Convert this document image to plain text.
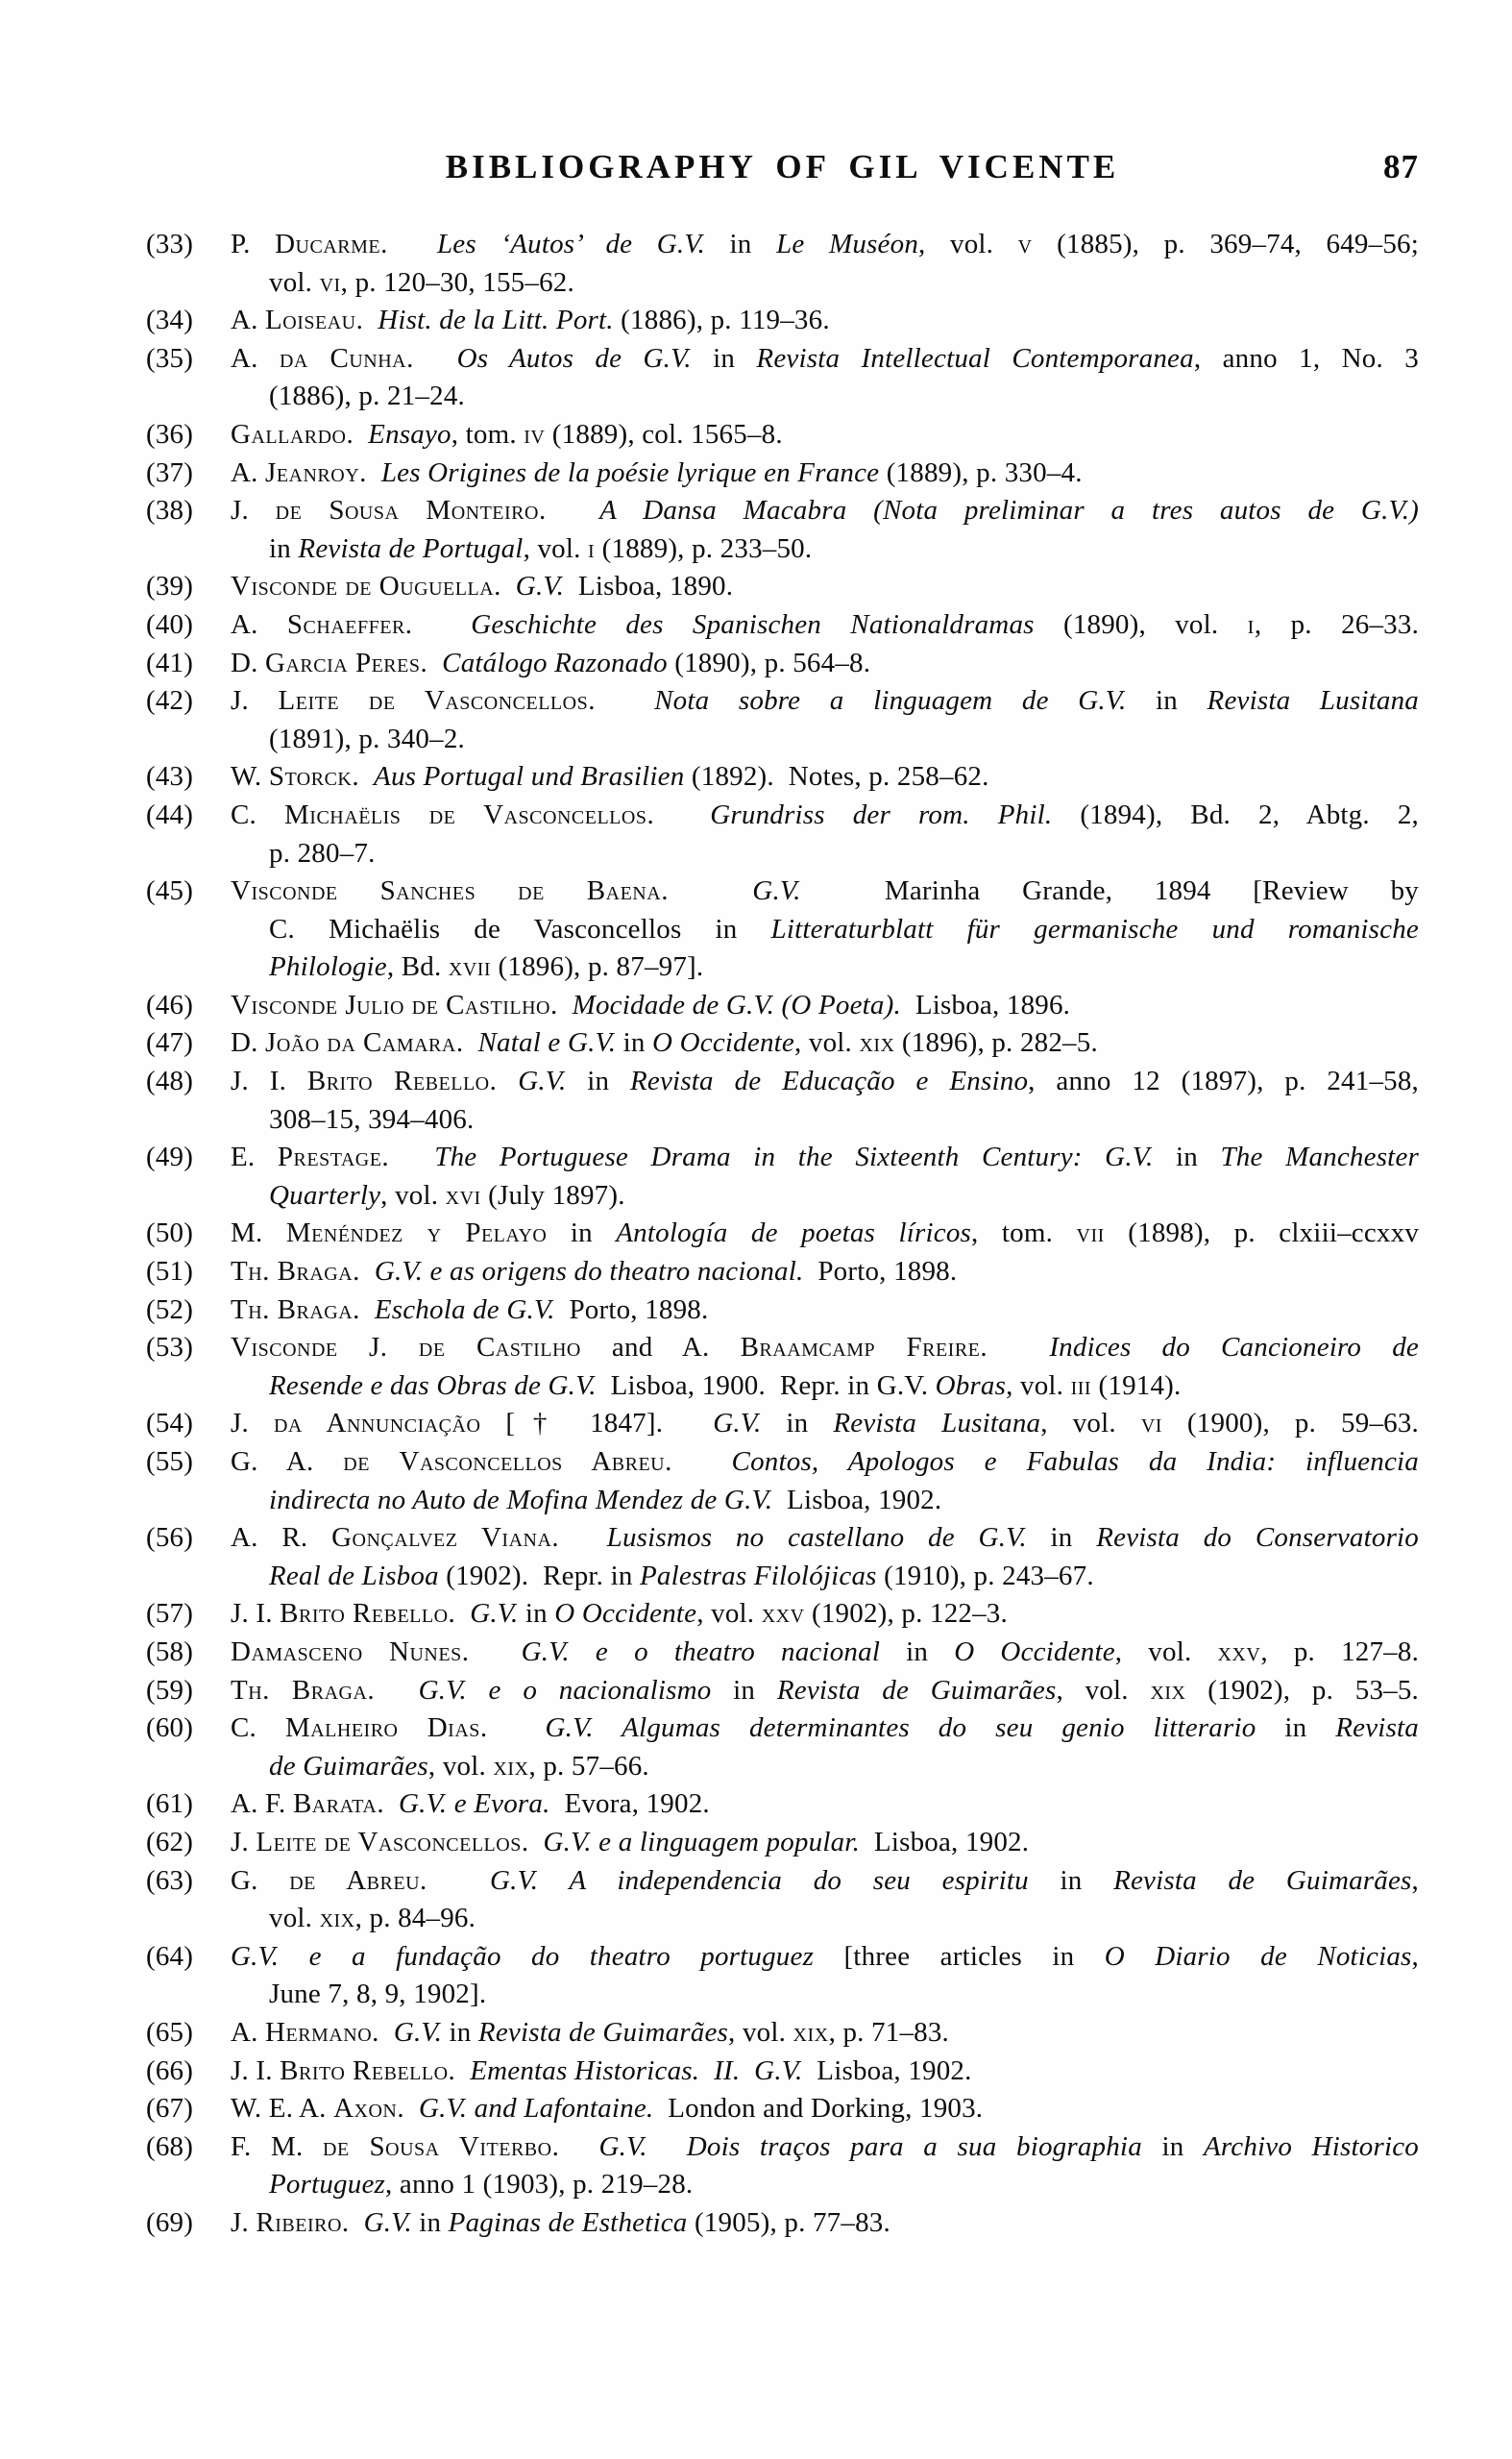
BIBLIOGRAPHY OF GIL VICENTE	87
(33) P. Ducarme. Les ‘Autos’ de G.V. in Le Muséon, vol. v (1885), p. 369–74, 649–56;
vol. vi, p. 120–30, 155–62.
(34) A. Loiseau. Hist. de la Litt. Port. (1886), p. 119–36.
(35) A. da Cunha. Os Autos de G.V. in Revista Intellectual Contemporanea, anno 1, No. 3
(1886), p. 21–24.
(36) Gallardo. Ensayo, tom. iv (1889), col. 1565–8.
(37) A. Jeanroy. Les Origines de la poésie lyrique en France (1889), p. 330–4.
(38) J. de Sousa Monteiro. A Dansa Macabra (Nota preliminar a tres autos de G.V.)
in Revista de Portugal, vol. i (1889), p. 233–50.
(39) Visconde de Ouguella. G.V.  Lisboa, 1890.
(40) A. Schaeffer. Geschichte des Spanischen Nationaldramas (1890), vol. i, p. 26–33.
(41) D. Garcia Peres. Catálogo Razonado (1890), p. 564–8.
(42) J. Leite de Vasconcellos. Nota sobre a linguagem de G.V. in Revista Lusitana
(1891), p. 340–2.
(43) W. Storck. Aus Portugal und Brasilien (1892).  Notes, p. 258–62.
(44) C. Michaëlis de Vasconcellos. Grundriss der rom. Phil. (1894), Bd. 2, Abtg. 2,
p. 280–7.
(45) Visconde Sanches de Baena.	G.V.  Marinha Grande, 1894 [Review by
C. Michaëlis de Vasconcellos in Litteraturblatt für germanische und romanische
Philologie, Bd. xvii (1896), p. 87–97].
(46) Visconde Julio de Castilho. Mocidade de G.V. (O Poeta).  Lisboa, 1896.
(47) D. João da Camara. Natal e G.V. in O Occidente, vol. xix (1896), p. 282–5.
(48) J. I. Brito Rebello. G.V. in Revista de Educação e Ensino, anno 12 (1897), p. 241–58,
308–15, 394–406.
(49) E. Prestage. The Portuguese Drama in the Sixteenth Century: G.V. in The Manchester
Quarterly, vol. xvi (July 1897).
(50) M. Menéndez y Pelayo in Antología de poetas líricos, tom. vii (1898), p. clxiii–ccxxv
(51) Th. Braga. G.V. e as origens do theatro nacional.  Porto, 1898.
(52) Th. Braga. Eschola de G.V.  Porto, 1898.
(53) Visconde J. de Castilho and A. Braamcamp Freire. Indices do Cancioneiro de
Resende e das Obras de G.V.  Lisboa, 1900.  Repr. in G.V. Obras, vol. iii (1914).
(54) J. da Annunciação [† 1847].  G.V. in Revista Lusitana, vol. vi (1900), p. 59–63.
(55) G. A. de Vasconcellos Abreu. Contos, Apologos e Fabulas da India: influencia
indirecta no Auto de Mofina Mendez de G.V.  Lisboa, 1902.
(56) A. R. Gonçalvez Viana. Lusismos no castellano de G.V. in Revista do Conservatorio
Real de Lisboa (1902).  Repr. in Palestras Filolójicas (1910), p. 243–67.
(57) J. I. Brito Rebello. G.V. in O Occidente, vol. xxv (1902), p. 122–3.
(58) Damasceno Nunes. G.V. e o theatro nacional in O Occidente, vol. xxv, p. 127–8.
(59) Th. Braga. G.V. e o nacionalismo in Revista de Guimarães, vol. xix (1902), p. 53–5.
(60) C. Malheiro Dias. G.V. Algumas determinantes do seu genio litterario in Revista
de Guimarães, vol. xix, p. 57–66.
(61) A. F. Barata. G.V. e Evora.  Evora, 1902.
(62) J. Leite de Vasconcellos. G.V. e a linguagem popular.  Lisboa, 1902.
(63) G. de Abreu. G.V. A independencia do seu espiritu in Revista de Guimarães,
vol. xix, p. 84–96.
(64) G.V. e a fundação do theatro portuguez [three articles in O Diario de Noticias,
June 7, 8, 9, 1902].
(65) A. Hermano. G.V. in Revista de Guimarães, vol. xix, p. 71–83.
(66) J. I. Brito Rebello. Ementas Historicas.  II.  G.V.  Lisboa, 1902.
(67) W. E. A. Axon. G.V. and Lafontaine.  London and Dorking, 1903.
(68) F. M. de Sousa Viterbo. G.V.  Dois traços para a sua biographia in Archivo Historico
Portuguez, anno 1 (1903), p. 219–28.
(69) J. Ribeiro. G.V. in Paginas de Esthetica (1905), p. 77–83.
